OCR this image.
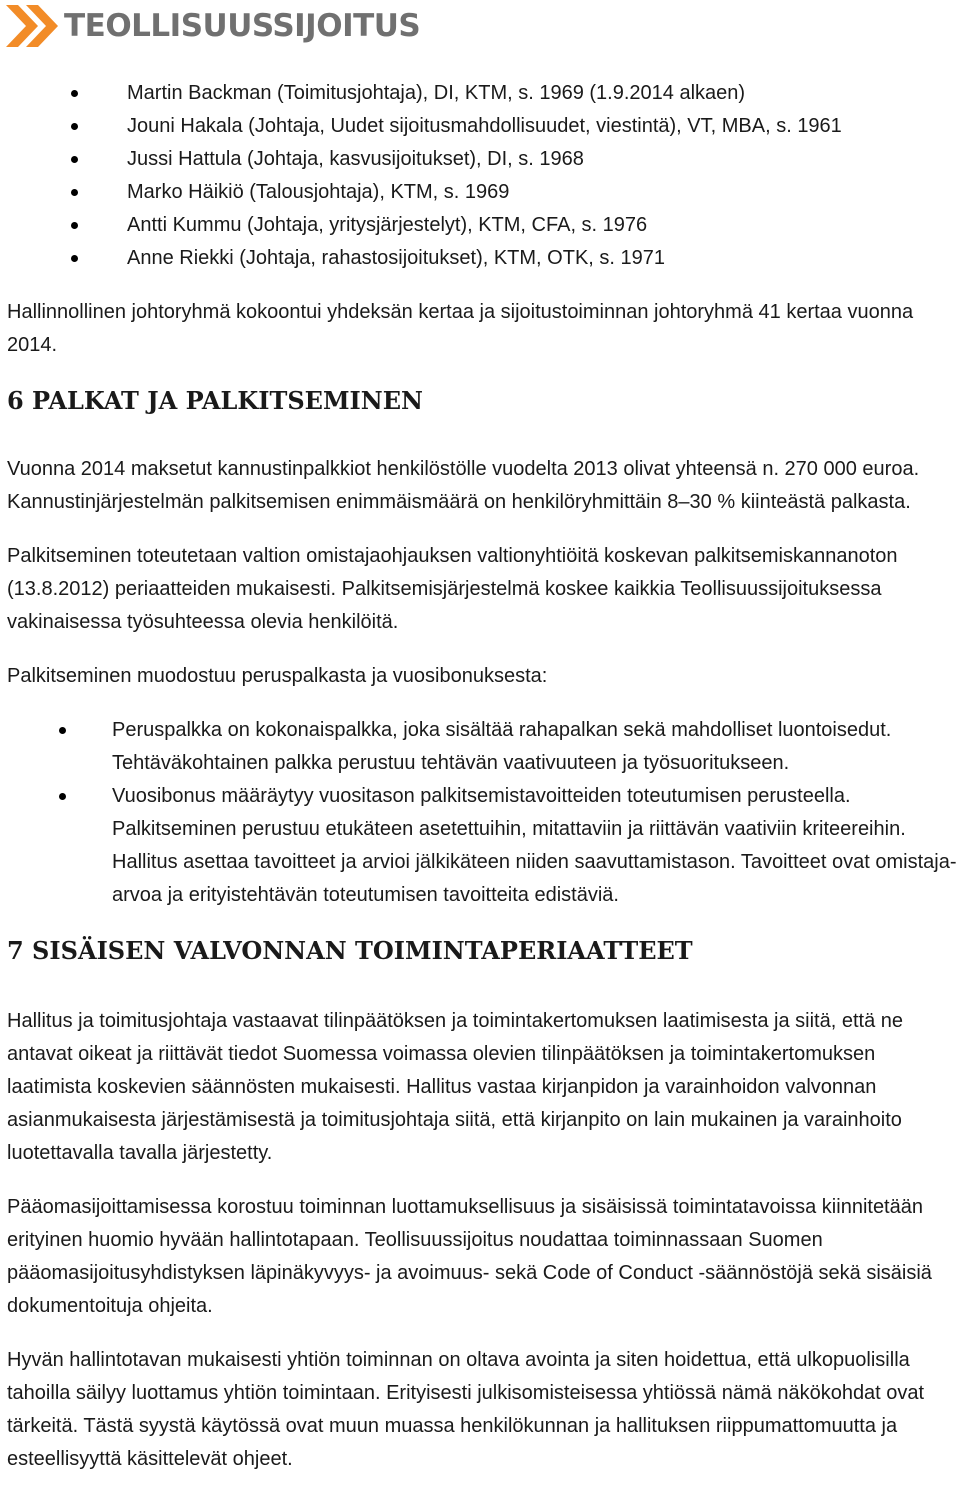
TEOLLISUUSSIJOITUS
Martin Backman (Toimitusjohtaja), DI, KTM, s. 1969 (1.9.2014 alkaen)
Jouni Hakala (Johtaja, Uudet sijoitusmahdollisuudet, viestintä), VT, MBA, s. 1961
Jussi Hattula (Johtaja, kasvusijoitukset), DI, s. 1968
Marko Häikiö (Talousjohtaja), KTM, s. 1969
Antti Kummu (Johtaja, yritysjärjestelyt), KTM, CFA, s. 1976
Anne Riekki (Johtaja, rahastosijoitukset), KTM, OTK, s. 1971

Hallinnollinen johtoryhmä kokoontui yhdeksän kertaa ja sijoitustoiminnan johtoryhmä 41 kertaa vuonna 2014.

6 PALKAT JA PALKITSEMINEN

Vuonna 2014 maksetut kannustinpalkkiot henkilöstölle vuodelta 2013 olivat yhteensä n. 270 000 euroa. Kannustinjärjestelmän palkitsemisen enimmäismäärä on henkilöryhmittäin 8–30 % kiinteästä palkasta.

Palkitseminen toteutetaan valtion omistajaohjauksen valtionyhtiöitä koskevan palkitsemiskannanoton (13.8.2012) periaatteiden mukaisesti. Palkitsemisjärjestelmä koskee kaikkia Teollisuussijoituksessa vakinaisessa työsuhteessa olevia henkilöitä.

Palkitseminen muodostuu peruspalkasta ja vuosibonuksesta:

Peruspalkka on kokonaispalkka, joka sisältää rahapalkan sekä mahdolliset luontoisedut. Tehtäväkohtainen palkka perustuu tehtävän vaativuuteen ja työsuoritukseen.
Vuosibonus määräytyy vuositason palkitsemistavoitteiden toteutumisen perusteella. Palkitseminen perustuu etukäteen asetettuihin, mitattaviin ja riittävän vaativiin kriteereihin. Hallitus asettaa tavoitteet ja arvioi jälkikäteen niiden saavuttamistason. Tavoitteet ovat omistaja-arvoa ja erityistehtävän toteutumisen tavoitteita edistäviä.
7 SISÄISEN VALVONNAN TOIMINTAPERIAATTEET

Hallitus ja toimitusjohtaja vastaavat tilinpäätöksen ja toimintakertomuksen laatimisesta ja siitä, että ne antavat oikeat ja riittävät tiedot Suomessa voimassa olevien tilinpäätöksen ja toimintakertomuksen laatimista koskevien säännösten mukaisesti. Hallitus vastaa kirjanpidon ja varainhoidon valvonnan asianmukaisesta järjestämisestä ja toimitusjohtaja siitä, että kirjanpito on lain mukainen ja varainhoito luotettavalla tavalla järjestetty.

Pääomasijoittamisessa korostuu toiminnan luottamuksellisuus ja sisäisissä toimintatavoissa kiinnitetään erityinen huomio hyvään hallintotapaan. Teollisuussijoitus noudattaa toiminnassaan Suomen pääomasijoitusyhdistyksen läpinäkyvyys- ja avoimuus- sekä Code of Conduct -säännöstöjä sekä sisäisiä dokumentoituja ohjeita.

Hyvän hallintotavan mukaisesti yhtiön toiminnan on oltava avointa ja siten hoidettua, että ulkopuolisilla tahoilla säilyy luottamus yhtiön toimintaan. Erityisesti julkisomisteisessa yhtiössä nämä näkökohdat ovat tärkeitä. Tästä syystä käytössä ovat muun muassa henkilökunnan ja hallituksen riippumattomuutta ja esteellisyyttä käsittelevät ohjeet.
